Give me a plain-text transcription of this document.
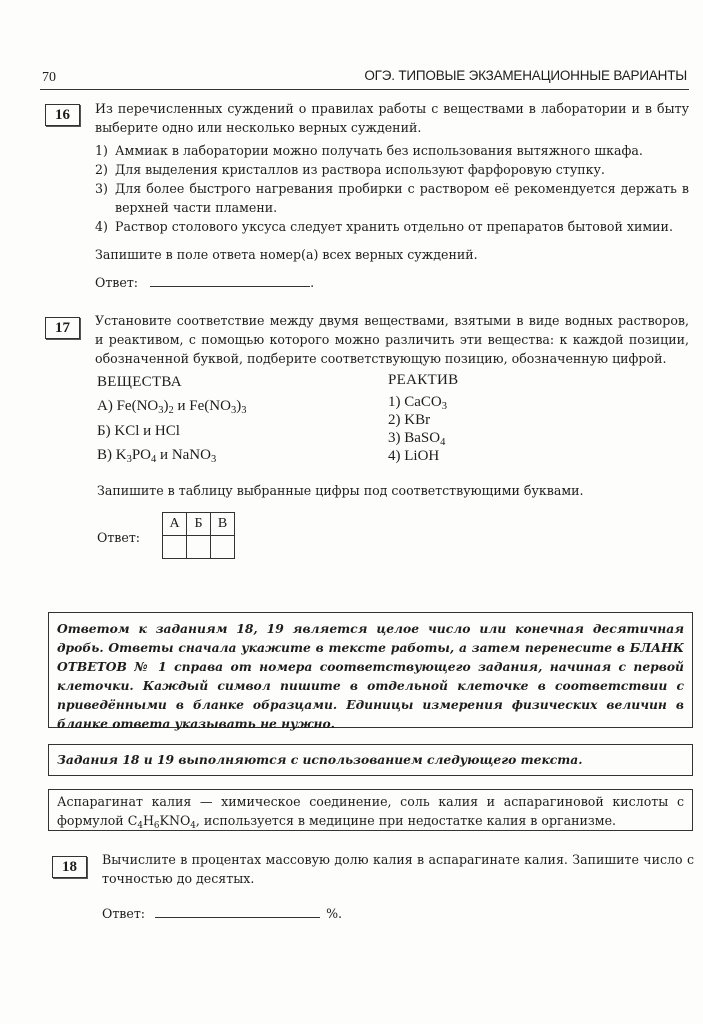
70	ОГЭ. ТИПОВЫЕ ЭКЗАМЕНАЦИОННЫЕ ВАРИАНТЫ
16	Из перечисленных суждений о правилах работы с веществами в лаборатории и в быту выберите одно или несколько верных суждений.
1) Аммиак в лаборатории можно получать без использования вытяжного шкафа.
2) Для выделения кристаллов из раствора используют фарфоровую ступку.
3) Для более быстрого нагревания пробирки с раствором её рекомендуется держать в верхней части пламени.
4) Раствор столового уксуса следует хранить отдельно от препаратов бытовой химии.
Запишите в поле ответа номер(а) всех верных суждений.
Ответ:	.
17	Установите соответствие между двумя веществами, взятыми в виде водных растворов, и реактивом, с помощью которого можно различить эти вещества: к каждой позиции, обозначенной буквой, подберите соответствующую позицию, обозначенную цифрой.
ВЕЩЕСТВА	РЕАКТИВ
А) $Fe(NO_3)_2$ и $Fe(NO_3)_3$
Б) KCl и HCl
В) $K_3PO_4$ и NaNO$_3$
1) CaCO$_3$
2) KBr
3) BaSO$_4$
4) LiOH
Запишите в таблицу выбранные цифры под соответствующими буквами.
Ответ:
А	Б	В

Ответом к заданиям 18, 19 является целое число или конечная десятичная дробь. Ответы сначала укажите в тексте работы, а затем перенесите в БЛАНК ОТВЕТОВ № 1 справа от номера соответствующего задания, начиная с первой клеточки. Каждый символ пишите в отдельной клеточке в соответствии с приведёнными в бланке образцами. Единицы измерения физических величин в бланке ответа указывать не нужно.
Задания 18 и 19 выполняются с использованием следующего текста.
Аспарагинат калия — химическое соединение, соль калия и аспарагиновой кислоты с формулой $C_4H_6KNO_4$, используется в медицине при недостатке калия в организме.
18	Вычислите в процентах массовую долю калия в аспарагинате калия. Запишите число с точностью до десятых.
Ответ:	%.
